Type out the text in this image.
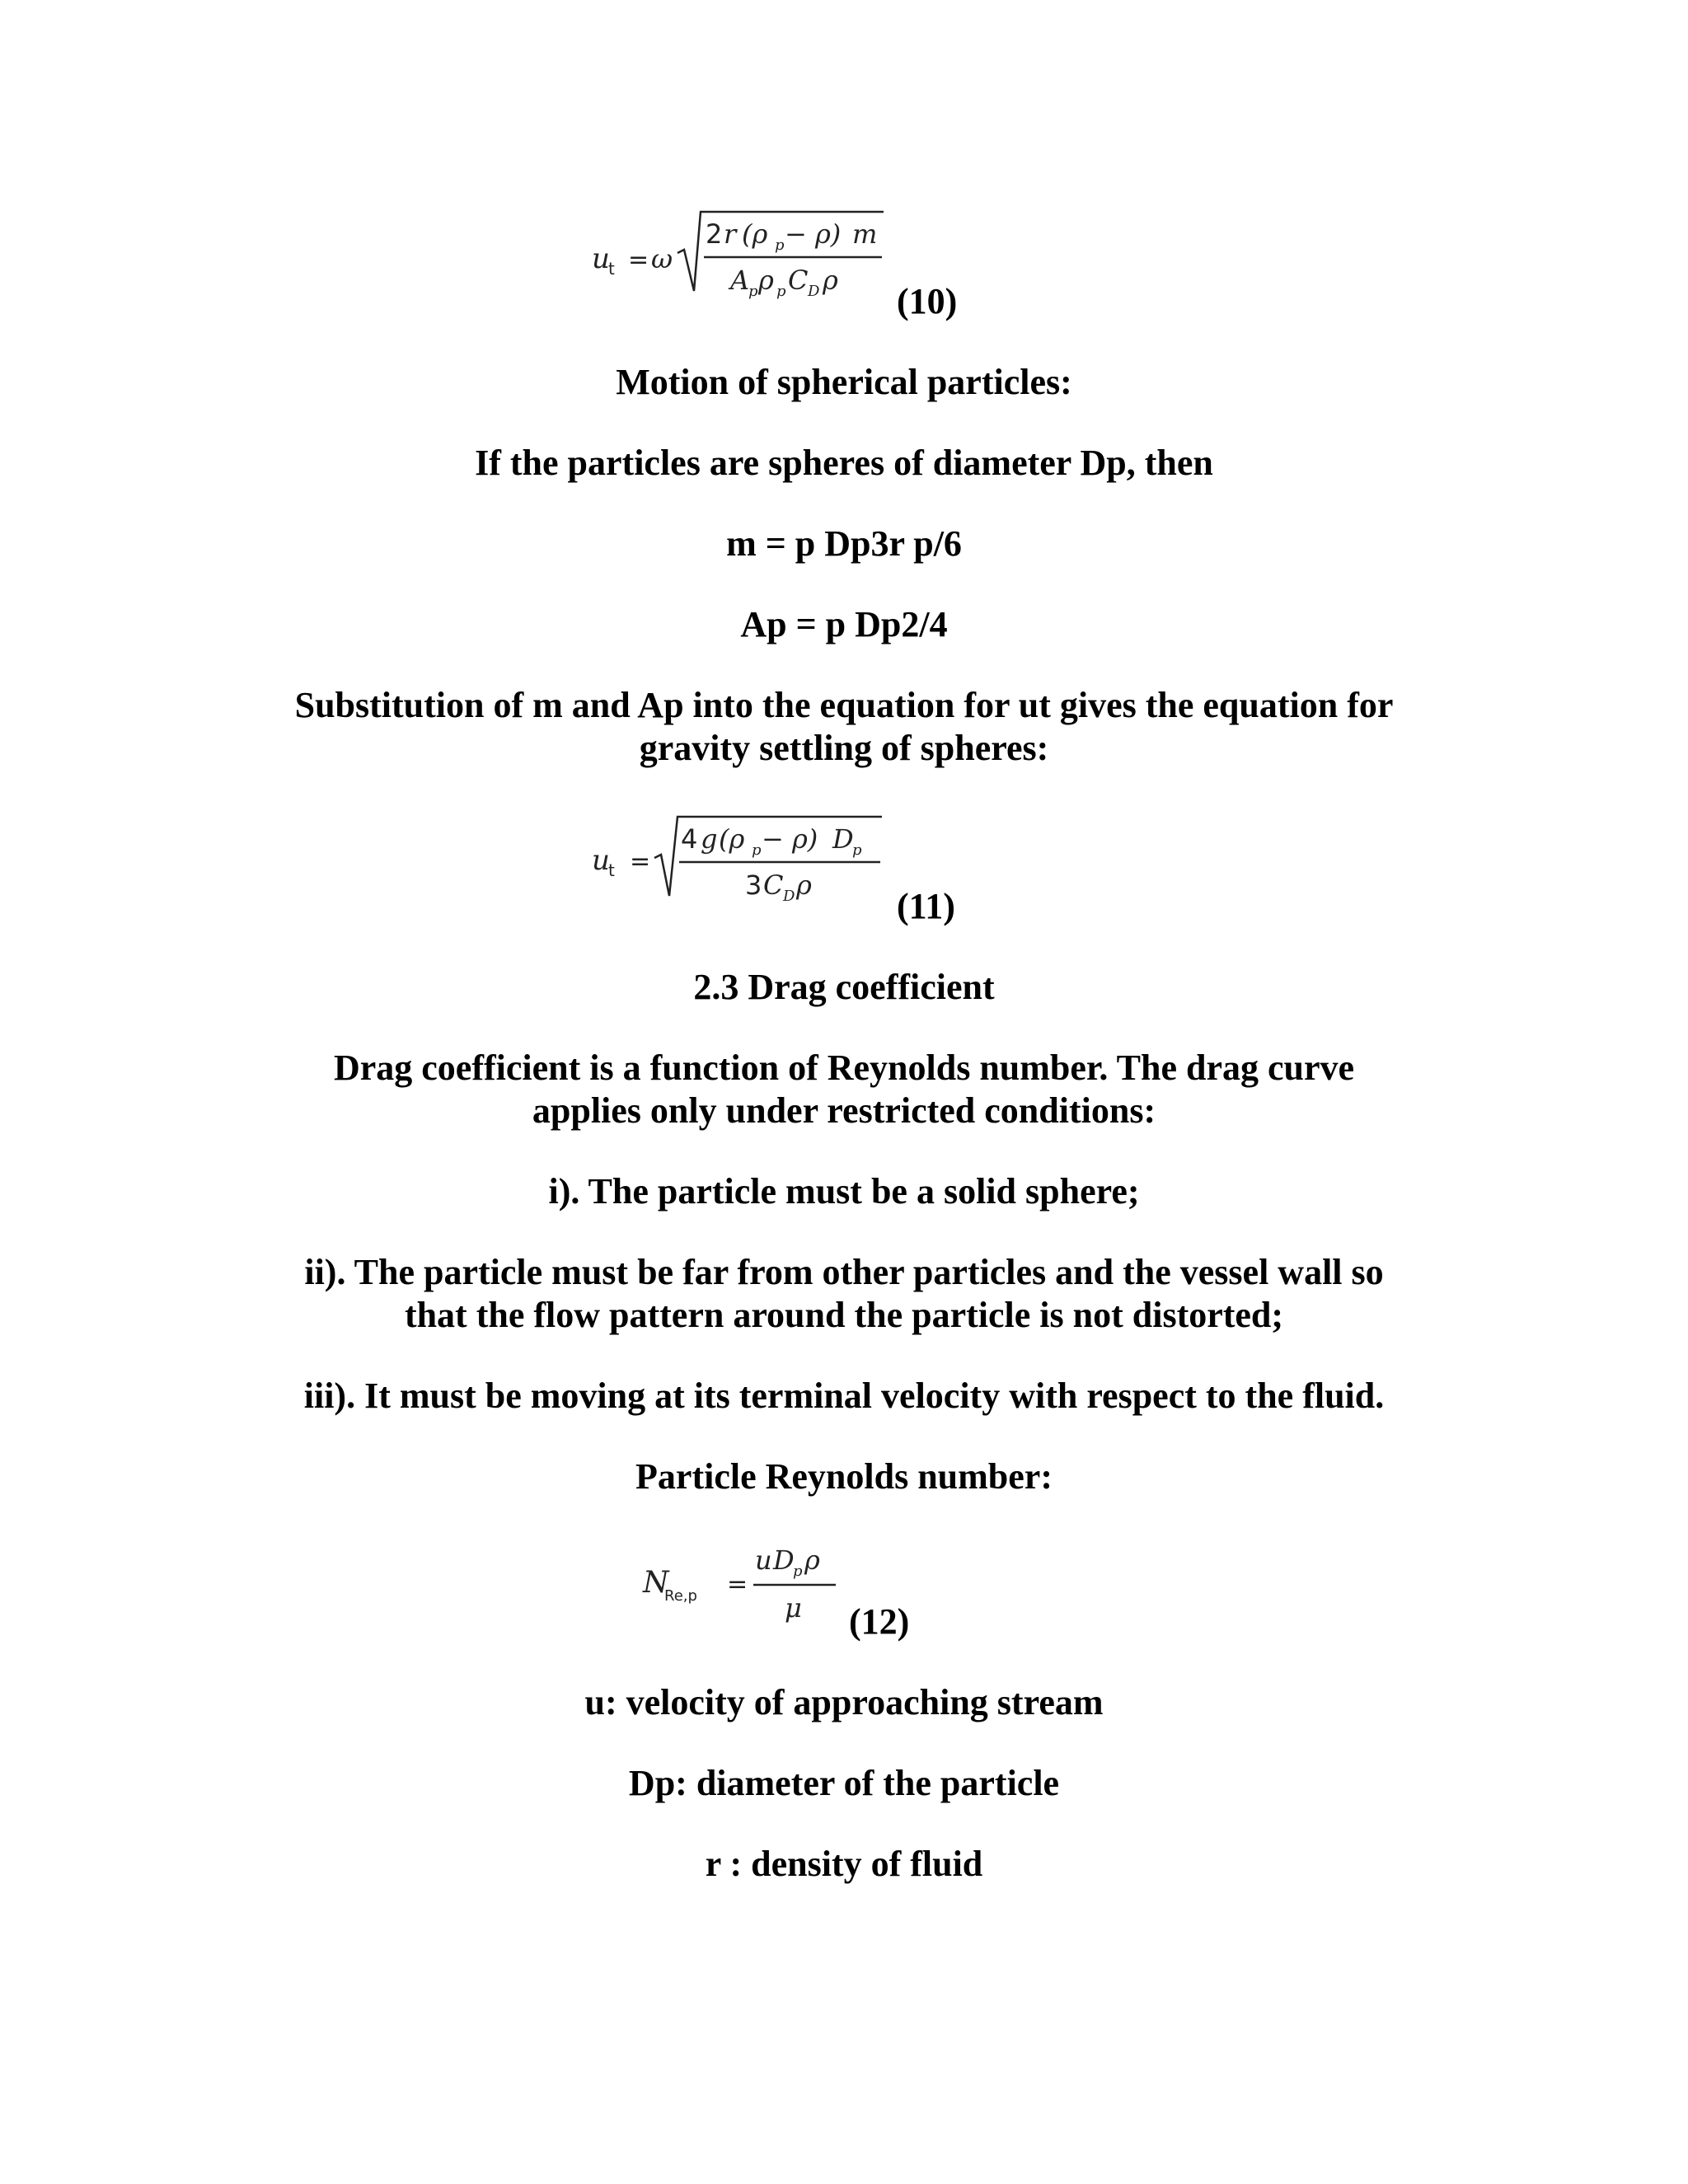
u
t = ω
2 r (ρ p − ρ) m
A
p ρ p C D ρ
(10)
Motion of spherical particles:
If the particles are spheres of diameter Dp, then
m = p Dp3r p/6
Ap = p Dp2/4
Substitution of m and Ap into the equation for ut gives the equation for
gravity settling of spheres:
u
t =
4 g (ρ p − ρ) D
p
3 C D ρ
(11)
2.3 Drag coefficient
Drag coefficient is a function of Reynolds number. The drag curve
applies only under restricted conditions:
i). The particle must be a solid sphere;
ii). The particle must be far from other particles and the vessel wall so
that the flow pattern around the particle is not distorted;
iii). It must be moving at its terminal velocity with respect to the fluid.
Particle Reynolds number:
N
Re,p =
u D
p ρ
μ (12)
u: velocity of approaching stream
Dp: diameter of the particle
r : density of fluid
